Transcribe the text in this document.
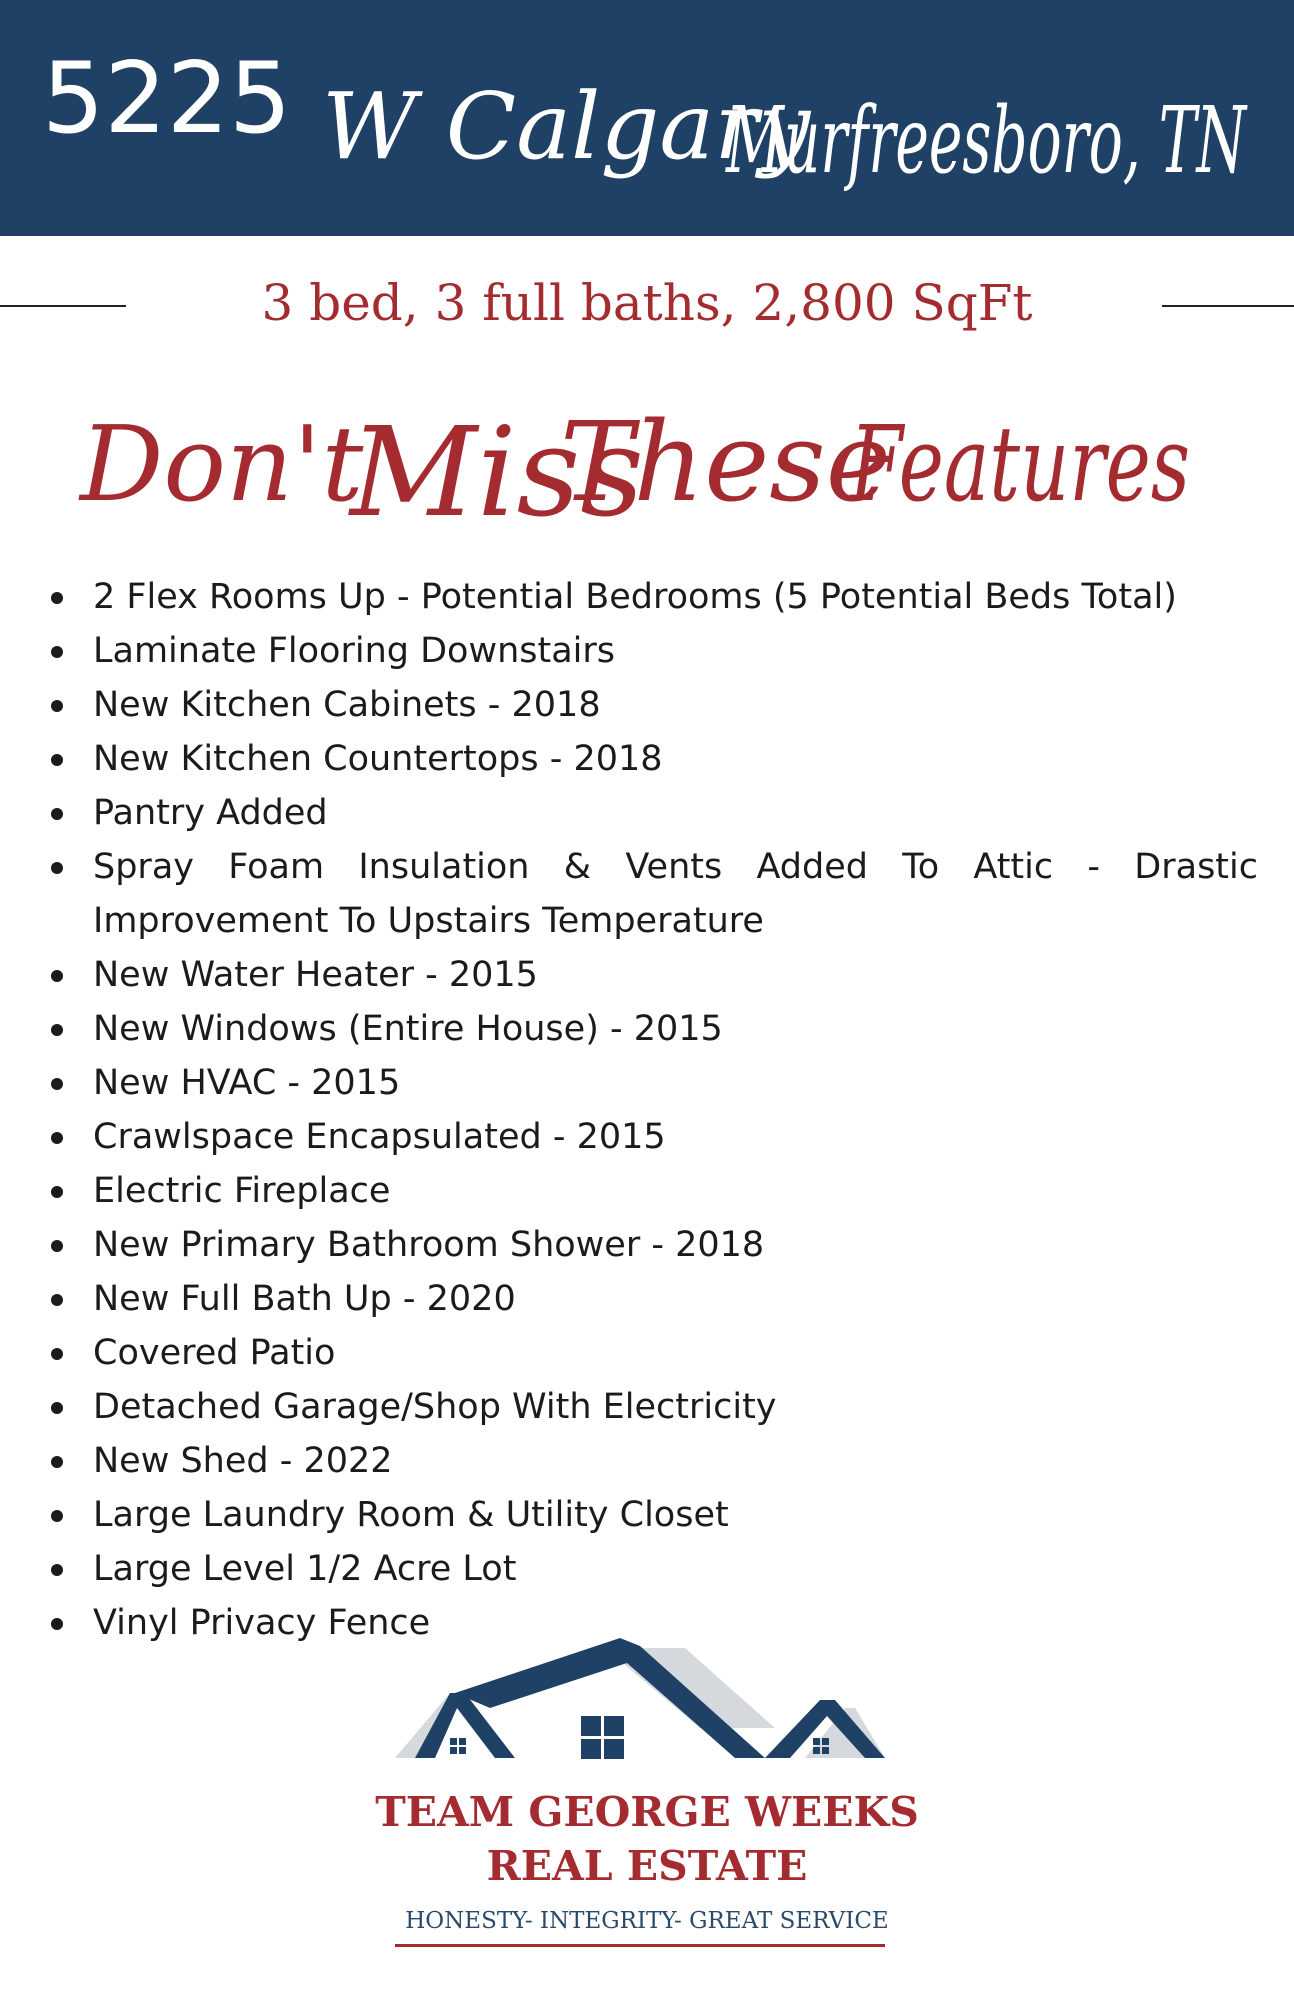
5225 W Calgary
Murfreesboro, TN
3 bed, 3 full baths, 2,800 SqFt
Don't
Miss
These
Features
2 Flex Rooms Up - Potential Bedrooms (5 Potential Beds Total)
Laminate Flooring Downstairs
New Kitchen Cabinets - 2018
New Kitchen Countertops - 2018
Pantry Added
Spray Foam Insulation & Vents Added To Attic - Drastic Improvement To Upstairs Temperature
New Water Heater - 2015
New Windows (Entire House) - 2015
New HVAC - 2015
Crawlspace Encapsulated - 2015
Electric Fireplace
New Primary Bathroom Shower - 2018
New Full Bath Up - 2020
Covered Patio
Detached Garage/Shop With Electricity
New Shed - 2022
Large Laundry Room & Utility Closet
Large Level 1/2 Acre Lot
Vinyl Privacy Fence
TEAM GEORGE WEEKS
REAL ESTATE
HONESTY- INTEGRITY- GREAT SERVICE
